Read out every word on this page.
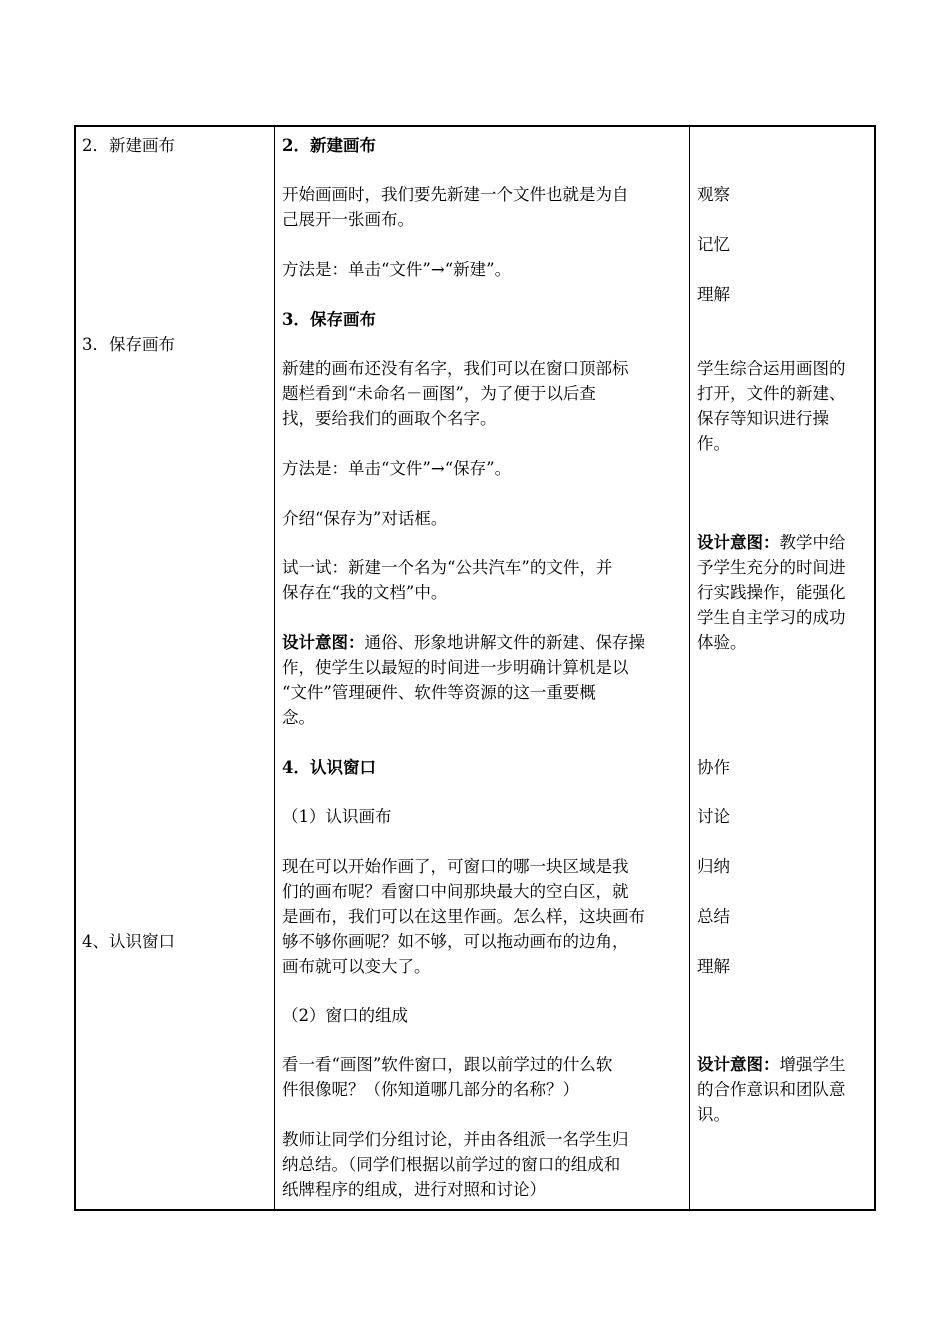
2．新建画布
3．保存画布
4、认识窗口
2．新建画布
开始画画时，我们要先新建一个文件也就是为自
己展开一张画布。
方法是：单击“文件”→“新建”。
3．保存画布
新建的画布还没有名字，我们可以在窗口顶部标
题栏看到“未命名－画图”，为了便于以后查
找，要给我们的画取个名字。
方法是：单击“文件”→“保存”。
介绍“保存为”对话框。
试一试：新建一个名为“公共汽车”的文件，并
保存在“我的文档”中。
设计意图：通俗、形象地讲解文件的新建、保存操
作，使学生以最短的时间进一步明确计算机是以
“文件”管理硬件、软件等资源的这一重要概
念。
4．认识窗口
（1）认识画布
现在可以开始作画了，可窗口的哪一块区域是我
们的画布呢？看窗口中间那块最大的空白区，就
是画布，我们可以在这里作画。怎么样，这块画布
够不够你画呢？如不够，可以拖动画布的边角，
画布就可以变大了。
（2）窗口的组成
看一看“画图”软件窗口，跟以前学过的什么软
件很像呢？（你知道哪几部分的名称？）
教师让同学们分组讨论，并由各组派一名学生归
纳总结。（同学们根据以前学过的窗口的组成和
纸牌程序的组成，进行对照和讨论）
观察
记忆
理解
学生综合运用画图的
打开，文件的新建、
保存等知识进行操
作。
设计意图：教学中给
予学生充分的时间进
行实践操作，能强化
学生自主学习的成功
体验。
协作
讨论
归纳
总结
理解
设计意图：增强学生
的合作意识和团队意
识。
